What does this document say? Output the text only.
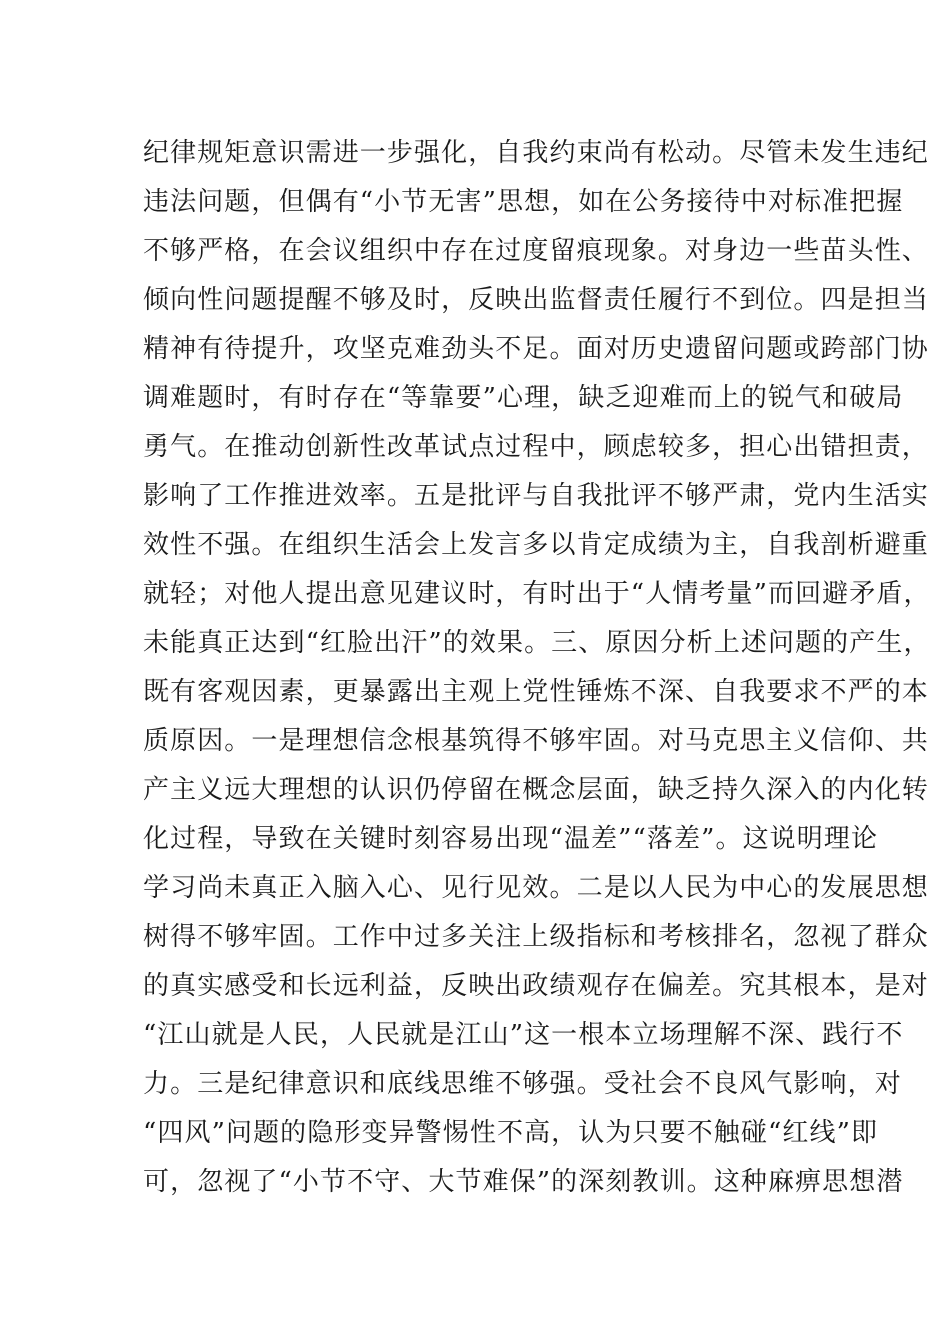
纪律规矩意识需进一步强化，自我约束尚有松动。尽管未发生违纪
违法问题，但偶有“小节无害”思想，如在公务接待中对标准把握
不够严格，在会议组织中存在过度留痕现象。对身边一些苗头性、
倾向性问题提醒不够及时，反映出监督责任履行不到位。四是担当
精神有待提升，攻坚克难劲头不足。面对历史遗留问题或跨部门协
调难题时，有时存在“等靠要”心理，缺乏迎难而上的锐气和破局
勇气。在推动创新性改革试点过程中，顾虑较多，担心出错担责，
影响了工作推进效率。五是批评与自我批评不够严肃，党内生活实
效性不强。在组织生活会上发言多以肯定成绩为主，自我剖析避重
就轻；对他人提出意见建议时，有时出于“人情考量”而回避矛盾，
未能真正达到“红脸出汗”的效果。三、原因分析上述问题的产生，
既有客观因素，更暴露出主观上党性锤炼不深、自我要求不严的本
质原因。一是理想信念根基筑得不够牢固。对马克思主义信仰、共
产主义远大理想的认识仍停留在概念层面，缺乏持久深入的内化转
化过程，导致在关键时刻容易出现“温差”“落差”。这说明理论
学习尚未真正入脑入心、见行见效。二是以人民为中心的发展思想
树得不够牢固。工作中过多关注上级指标和考核排名，忽视了群众
的真实感受和长远利益，反映出政绩观存在偏差。究其根本，是对
“江山就是人民，人民就是江山”这一根本立场理解不深、践行不
力。三是纪律意识和底线思维不够强。受社会不良风气影响，对
“四风”问题的隐形变异警惕性不高，认为只要不触碰“红线”即
可，忽视了“小节不守、大节难保”的深刻教训。这种麻痹思想潜
